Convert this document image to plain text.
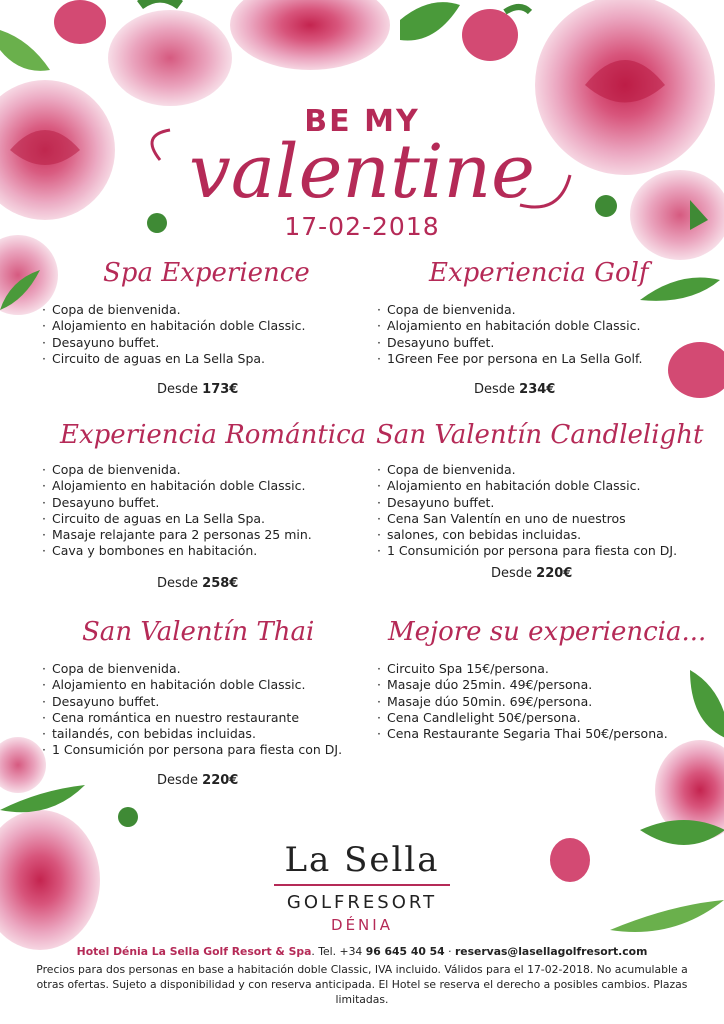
BE MY
valentine
17-02-2018
Spa Experience
· Copa de bienvenida.
· Alojamiento en habitación doble Classic.
· Desayuno buffet.
· Circuito de aguas en La Sella Spa.
Desde 173€
Experiencia Golf
· Copa de bienvenida.
· Alojamiento en habitación doble Classic.
· Desayuno buffet.
· 1Green Fee por persona en La Sella Golf.
Desde 234€
Experiencia Romántica
· Copa de bienvenida.
· Alojamiento en habitación doble Classic.
· Desayuno buffet.
· Circuito de aguas en La Sella Spa.
· Masaje relajante para 2 personas 25 min.
· Cava y bombones en habitación.
Desde 258€
San Valentín Candlelight
· Copa de bienvenida.
· Alojamiento en habitación doble Classic.
· Desayuno buffet.
· Cena San Valentín en uno de nuestros
· salones, con bebidas incluidas.
· 1 Consumición por persona para fiesta con DJ.
Desde 220€
San Valentín Thai
· Copa de bienvenida.
· Alojamiento en habitación doble Classic.
· Desayuno buffet.
· Cena romántica en nuestro restaurante
· tailandés, con bebidas incluidas.
· 1 Consumición por persona para fiesta con DJ.
Desde 220€
Mejore su experiencia...
· Circuito Spa 15€/persona.
· Masaje dúo 25min. 49€/persona.
· Masaje dúo 50min. 69€/persona.
· Cena Candlelight 50€/persona.
· Cena Restaurante Segaria Thai 50€/persona.
La Sella
GOLFRESORT
DÉNIA
Hotel Dénia La Sella Golf Resort & Spa. Tel. +34 96 645 40 54 · reservas@lasellagolfresort.com
Precios para dos personas en base a habitación doble Classic, IVA incluido. Válidos para el 17-02-2018. No acumulable a otras ofertas. Sujeto a disponibilidad y con reserva anticipada. El Hotel se reserva el derecho a posibles cambios. Plazas limitadas.
